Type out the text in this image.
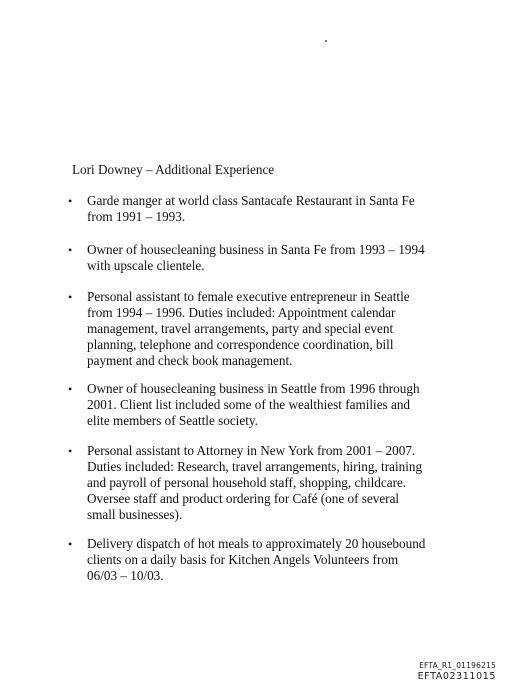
Lori Downey – Additional Experience
•	Garde manger at world class Santacafe Restaurant in Santa Fe
from 1991 – 1993.
•	Owner of housecleaning business in Santa Fe from 1993 – 1994
with upscale clientele.
•	Personal assistant to female executive entrepreneur in Seattle
from 1994 – 1996. Duties included: Appointment calendar
management, travel arrangements, party and special event
planning, telephone and correspondence coordination, bill
payment and check book management.
•	Owner of housecleaning business in Seattle from 1996 through
2001. Client list included some of the wealthiest families and
elite members of Seattle society.
•	Personal assistant to Attorney in New York from 2001 – 2007.
Duties included: Research, travel arrangements, hiring, training
and payroll of personal household staff, shopping, childcare.
Oversee staff and product ordering for Café (one of several
small businesses).
•	Delivery dispatch of hot meals to approximately 20 housebound
clients on a daily basis for Kitchen Angels Volunteers from
06/03 – 10/03.
EFTA_R1_01196215
EFTA02311015
